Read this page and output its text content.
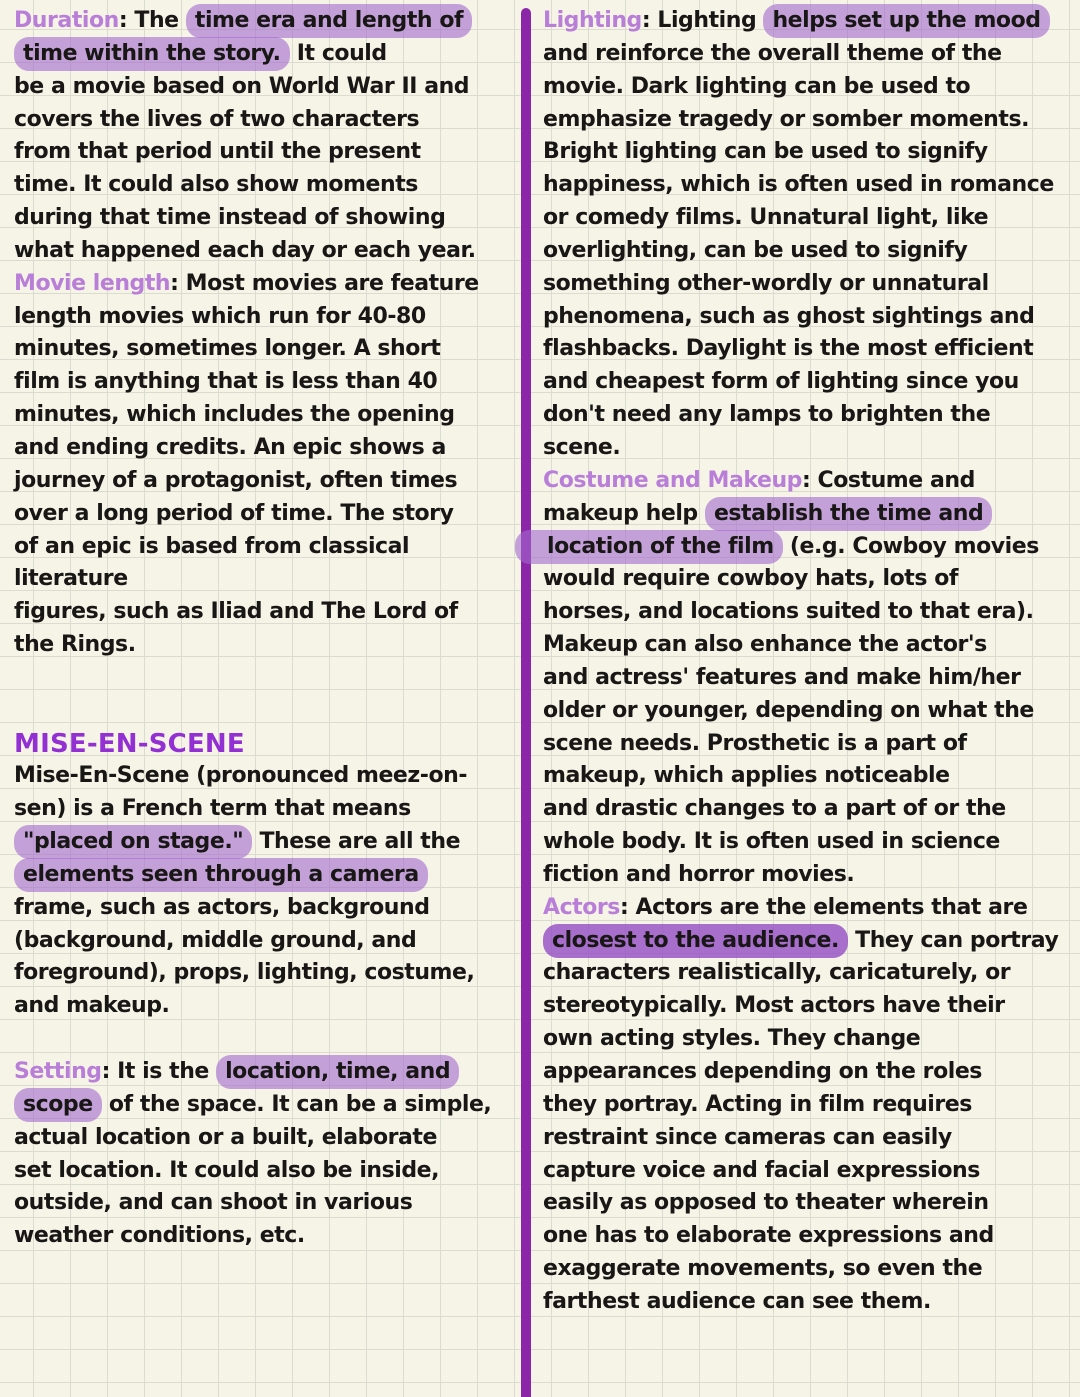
Duration: The time era and length of
time within the story. It could
be a movie based on World War II and
covers the lives of two characters
from that period until the present
time. It could also show moments
during that time instead of showing
what happened each day or each year.
Movie length: Most movies are feature
length movies which run for 40-80
minutes, sometimes longer. A short
film is anything that is less than 40
minutes, which includes the opening
and ending credits. An epic shows a
journey of a protagonist, often times
over a long period of time. The story
of an epic is based from classical
literature
figures, such as Iliad and The Lord of
the Rings.
MISE-EN-SCENE
Mise-En-Scene (pronounced meez-on-
sen) is a French term that means
"placed on stage." These are all the
elements seen through a camera
frame, such as actors, background
(background, middle ground, and
foreground), props, lighting, costume,
and makeup.
Setting: It is the location, time, and
scope of the space. It can be a simple,
actual location or a built, elaborate
set location. It could also be inside,
outside, and can shoot in various
weather conditions, etc.
Lighting: Lighting helps set up the mood
and reinforce the overall theme of the
movie. Dark lighting can be used to
emphasize tragedy or somber moments.
Bright lighting can be used to signify
happiness, which is often used in romance
or comedy films. Unnatural light, like
overlighting, can be used to signify
something other-wordly or unnatural
phenomena, such as ghost sightings and
flashbacks. Daylight is the most efficient
and cheapest form of lighting since you
don't need any lamps to brighten the
scene.
Costume and Makeup: Costume and
makeup help establish the time and
location of the film (e.g. Cowboy movies
would require cowboy hats, lots of
horses, and locations suited to that era).
Makeup can also enhance the actor's
and actress' features and make him/her
older or younger, depending on what the
scene needs. Prosthetic is a part of
makeup, which applies noticeable
and drastic changes to a part of or the
whole body. It is often used in science
fiction and horror movies.
Actors: Actors are the elements that are
closest to the audience. They can portray
characters realistically, caricaturely, or
stereotypically. Most actors have their
own acting styles. They change
appearances depending on the roles
they portray. Acting in film requires
restraint since cameras can easily
capture voice and facial expressions
easily as opposed to theater wherein
one has to elaborate expressions and
exaggerate movements, so even the
farthest audience can see them.
